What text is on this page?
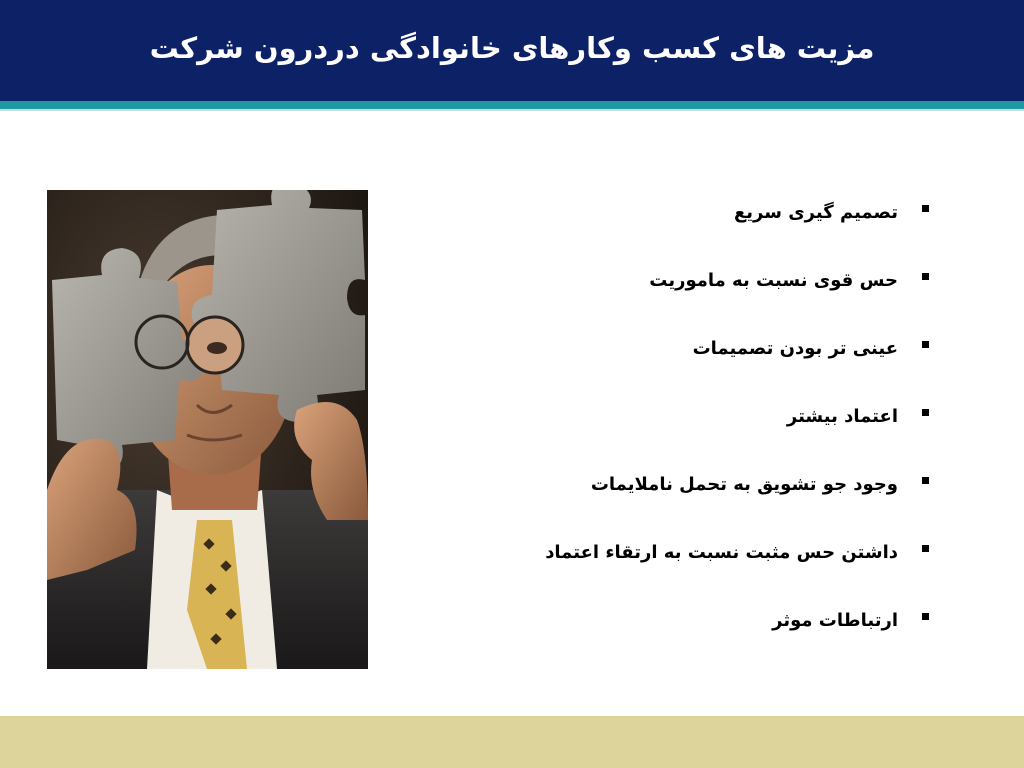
مزیت های کسب وکارهای خانوادگی دردرون شرکت
تصمیم گیری سریع
حس قوی نسبت به ماموریت
عینی تر بودن تصمیمات
اعتماد بیشتر
وجود جو تشویق به تحمل ناملایمات
داشتن حس مثبت نسبت به ارتقاء اعتماد
ارتباطات موثر
